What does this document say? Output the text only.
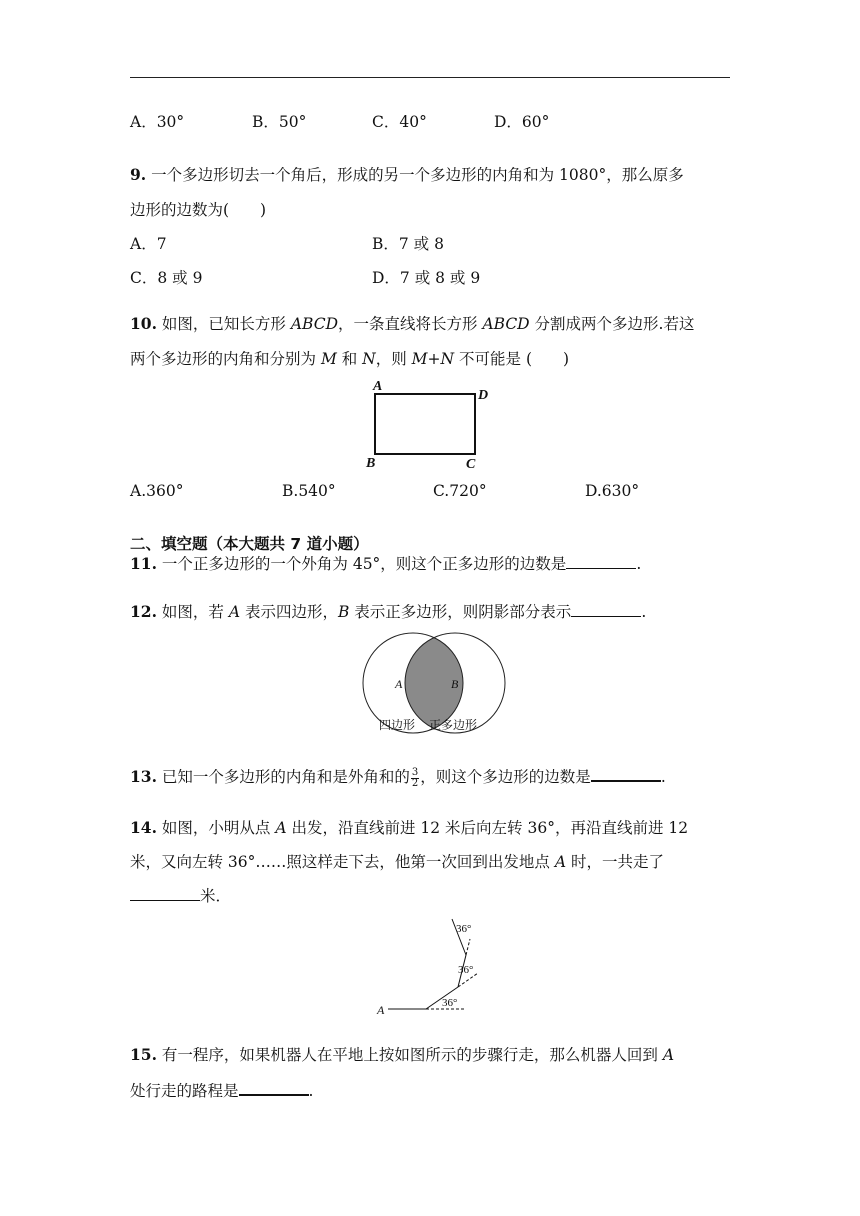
A．30°	B．50°	C．40°	D．60°
9. 一个多边形切去一个角后，形成的另一个多边形的内角和为 1080°，那么原多
边形的边数为(　　)
A．7	B．7 或 8
C．8 或 9	D．7 或 8 或 9
10. 如图，已知长方形 ABCD，一条直线将长方形 ABCD 分割成两个多边形.若这
两个多边形的内角和分别为 M 和 N，则 M+N 不可能是 (　　)
A
D
B	C
A.360°	B.540°	C.720°	D.630°
二、填空题（本大题共 7 道小题）
11. 一个正多边形的一个外角为 45°，则这个正多边形的边数是	.
12. 如图，若 A 表示四边形，B 表示正多边形，则阴影部分表示	.
A	B
四边形 正多边形
13. 已知一个多边形的内角和是外角和的 $\frac{3}{2}$ ，则这个多边形的边数是	.
14. 如图，小明从点 A 出发，沿直线前进 12 米后向左转 36°，再沿直线前进 12
米，又向左转 36°……照这样走下去，他第一次回到出发地点 A 时，一共走了
米．
A	36°
36°
36°
15. 有一程序，如果机器人在平地上按如图所示的步骤行走，那么机器人回到 A
处行走的路程是	.
